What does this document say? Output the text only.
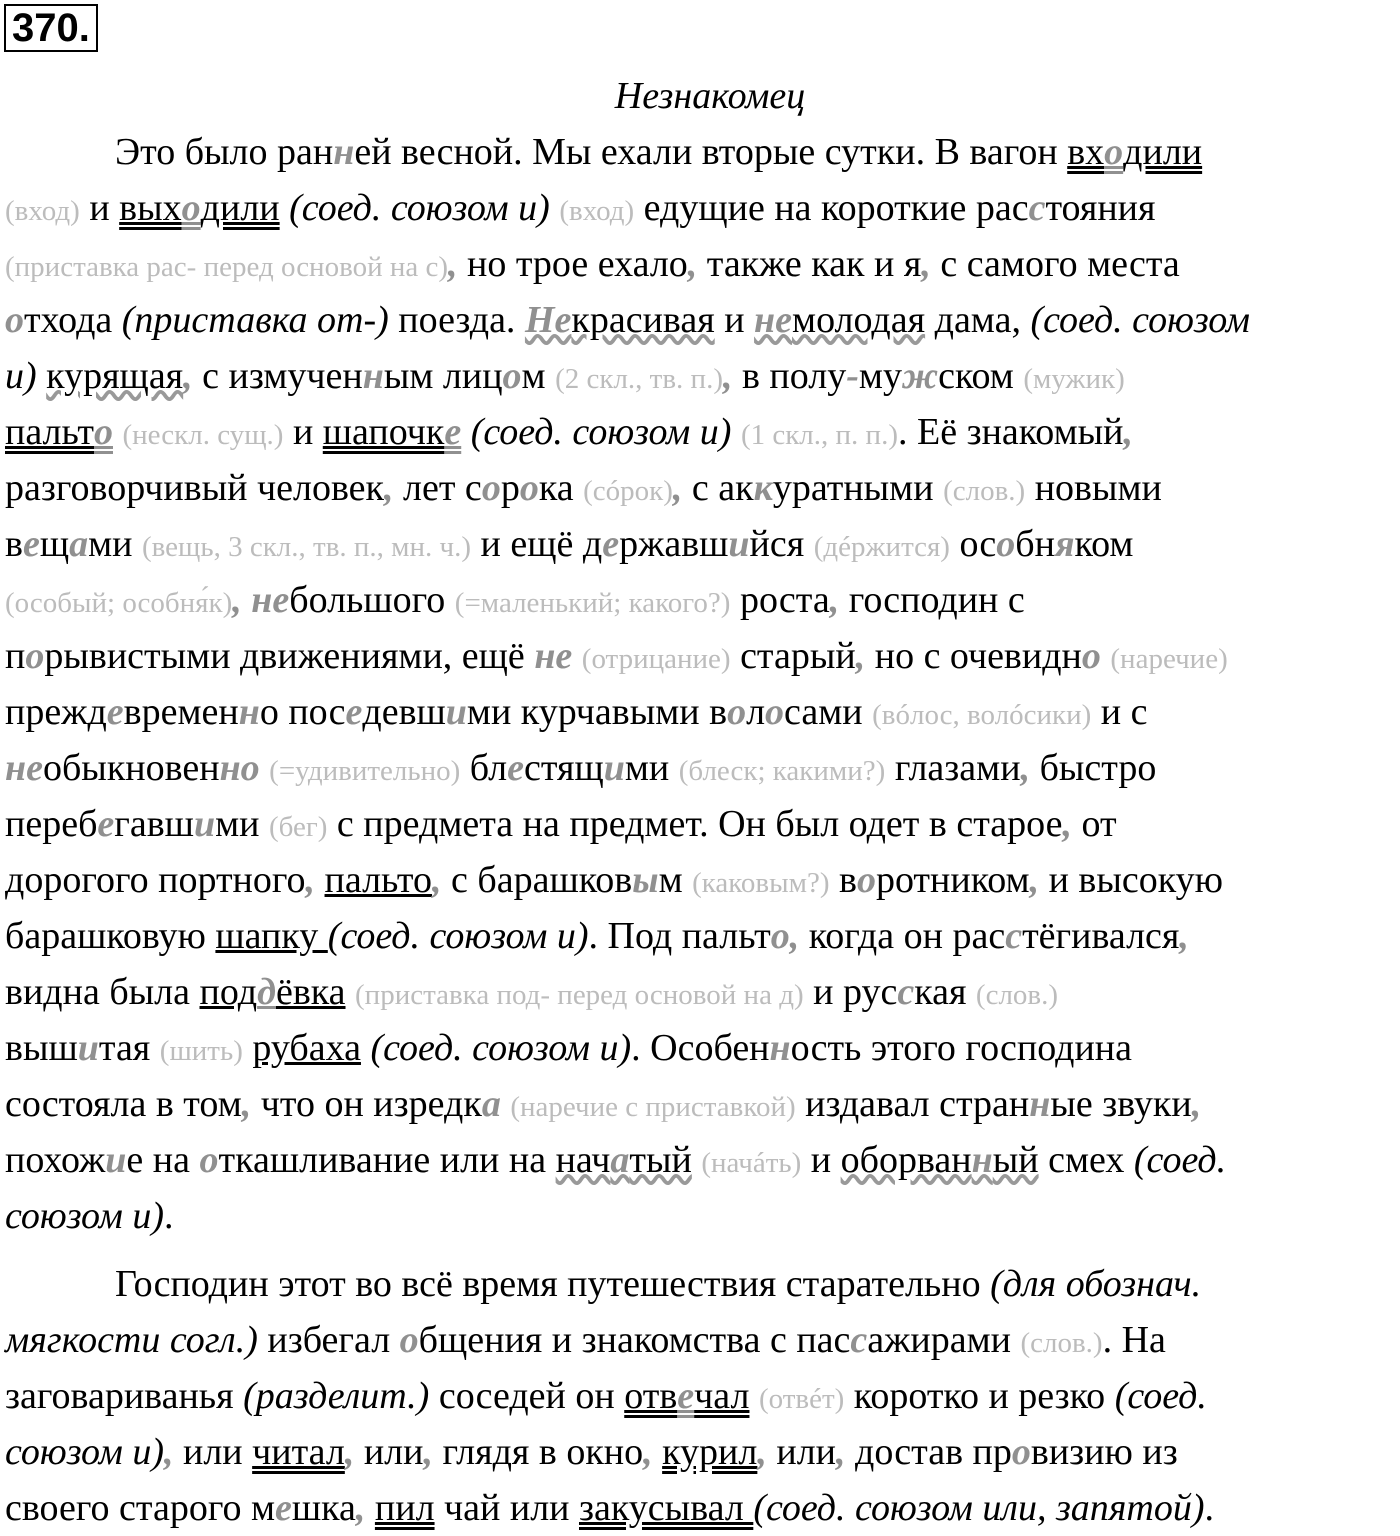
370.
Незнакомец
Это было ранней весной. Мы ехали вторые сутки. В вагон входили
(вход) и выходили (соед. союзом и) (вход) едущие на короткие расстояния
(приставка рас- перед основой на с), но трое ехало, также как и я, с самого места
отхода (приставка от-) поезда. Некрасивая и немолодая дама, (соед. союзом
и) курящая, с измученным лицом (2 скл., тв. п.), в полу-мужском (мужик)
пальто (нескл. сущ.) и шапочке (соед. союзом и) (1 скл., п. п.). Её знакомый,
разговорчивый человек, лет сорока (сóрок), с аккуратными (слов.) новыми
вещами (вещь, 3 скл., тв. п., мн. ч.) и ещё державшийся (дéржится) особняком
(особый; особня́к), небольшого (=маленький; какого?) роста, господин с
порывистыми движениями, ещё не (отрицание) старый, но с очевидно (наречие)
преждевременно поседевшими курчавыми волосами (вóлос, волóсики) и с
необыкновенно (=удивительно) блестящими (блеск; какими?) глазами, быстро
перебегавшими (бег) с предмета на предмет. Он был одет в старое, от
дорогого портного, пальто, с барашковым (каковым?) воротником, и высокую
барашковую шапку (соед. союзом и). Под пальто, когда он расстёгивался,
видна была поддёвка (приставка под- перед основой на д) и русская (слов.)
вышитая (шить) рубаха (соед. союзом и). Особенность этого господина
состояла в том, что он изредка (наречие с приставкой) издавал странные звуки,
похожие на откашливание или на начатый (начáть) и оборванный смех (соед.
союзом и).
Господин этот во всё время путешествия старательно (для обознач.
мягкости согл.) избегал общения и знакомства с пассажирами (слов.). На
заговариванья (разделит.) соседей он отвечал (отвéт) коротко и резко (соед.
союзом и), или читал, или, глядя в окно, курил, или, достав провизию из
своего старого мешка, пил чай или закусывал (соед. союзом или, запятой).
